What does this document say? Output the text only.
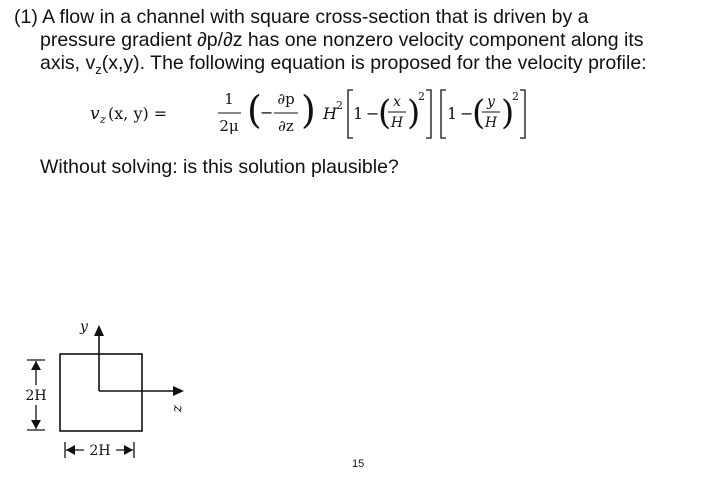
(1) A flow in a channel with square cross-section that is driven by a
pressure gradient ∂p/∂z has one nonzero velocity component along its
axis, $v_z(x,y)$. The following equation is proposed for the velocity profile:
v z (x, y) =
1
2μ (
−
∂p
∂z ) H 2 1 −
( x
H )
2
1 −
( y
H )
2
Without solving: is this solution plausible?
y
z
2H
2H
15
